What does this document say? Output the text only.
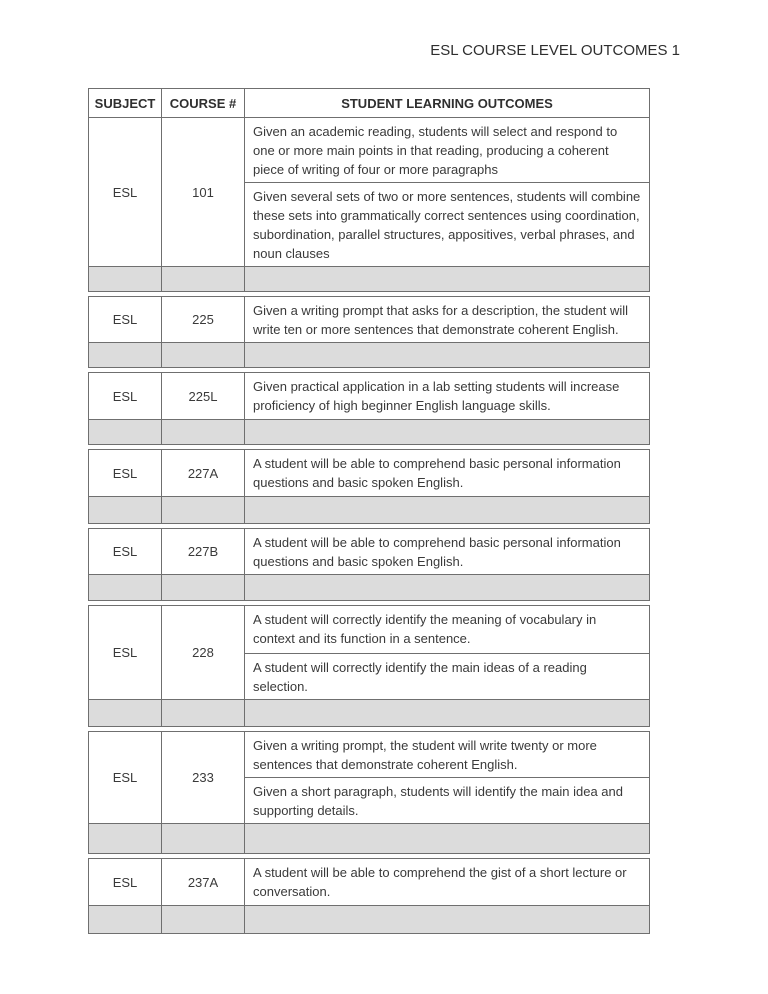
ESL COURSE LEVEL OUTCOMES 1
SUBJECT	COURSE #	STUDENT LEARNING OUTCOMES
ESL	101	Given an academic reading, students will select and respond to one or more main points in that reading, producing a coherent piece of writing of four or more paragraphs
		Given several sets of two or more sentences, students will combine these sets into grammatically correct sentences using coordination, subordination, parallel structures, appositives, verbal phrases, and noun clauses

ESL	225	Given a writing prompt that asks for a description, the student will write ten or more sentences that demonstrate coherent English.

ESL	225L	Given practical application in a lab setting students will increase proficiency of high beginner English language skills.

ESL	227A	A student will be able to comprehend basic personal information questions and basic spoken English.

ESL	227B	A student will be able to comprehend basic personal information questions and basic spoken English.

ESL	228	A student will correctly identify the meaning of vocabulary in context and its function in a sentence.
		A student will correctly identify the main ideas of a reading selection.

ESL	233	Given a writing prompt, the student will write twenty or more sentences that demonstrate coherent English.
		Given a short paragraph, students will identify the main idea and supporting details.

ESL	237A	A student will be able to comprehend the gist of a short lecture or conversation.
